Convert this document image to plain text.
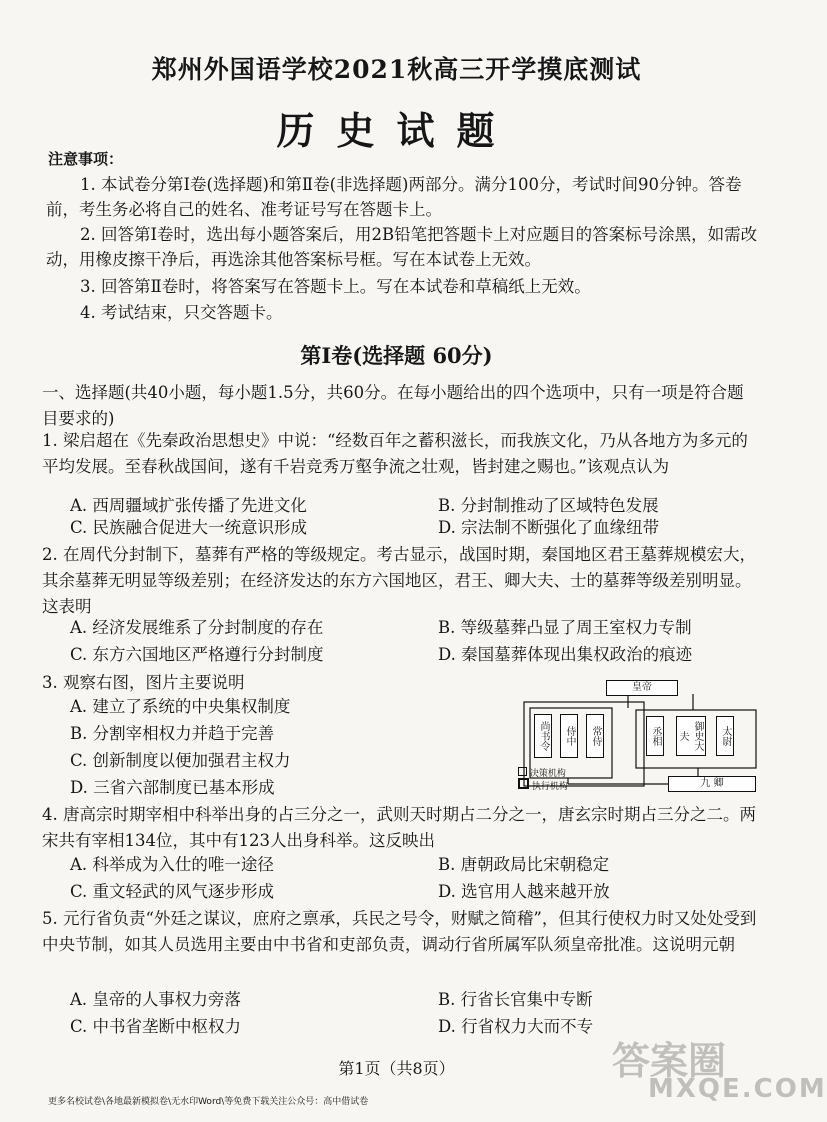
郑州外国语学校2021秋高三开学摸底测试
历史试题
注意事项：
1. 本试卷分第Ⅰ卷(选择题)和第Ⅱ卷(非选择题)两部分。满分100分，考试时间90分钟。答卷前，考生务必将自己的姓名、准考证号写在答题卡上。
2. 回答第Ⅰ卷时，选出每小题答案后，用2B铅笔把答题卡上对应题目的答案标号涂黑，如需改动，用橡皮擦干净后，再选涂其他答案标号框。写在本试卷上无效。
3. 回答第Ⅱ卷时，将答案写在答题卡上。写在本试卷和草稿纸上无效。
4. 考试结束，只交答题卡。
第Ⅰ卷(选择题 60分)
一、选择题(共40小题，每小题1.5分，共60分。在每小题给出的四个选项中，只有一项是符合题目要求的)
1. 梁启超在《先秦政治思想史》中说：“经数百年之蓄积滋长，而我族文化，乃从各地方为多元的平均发展。至春秋战国间，遂有千岩竞秀万壑争流之壮观，皆封建之赐也。”该观点认为
A. 西周疆域扩张传播了先进文化	B. 分封制推动了区域特色发展
C. 民族融合促进大一统意识形成	D. 宗法制不断强化了血缘纽带
2. 在周代分封制下，墓葬有严格的等级规定。考古显示，战国时期，秦国地区君王墓葬规模宏大，其余墓葬无明显等级差别；在经济发达的东方六国地区，君王、卿大夫、士的墓葬等级差别明显。这表明
A. 经济发展维系了分封制度的存在	B. 等级墓葬凸显了周王室权力专制
C. 东方六国地区严格遵行分封制度	D. 秦国墓葬体现出集权政治的痕迹
3. 观察右图，图片主要说明
A. 建立了系统的中央集权制度
B. 分割宰相权力并趋于完善
C. 创新制度以便加强君主权力
D. 三省六部制度已基本形成
皇帝
尚书令	侍中	常侍	丞相	御史大夫	太尉
九 卿
决策机构
执行机构
4. 唐高宗时期宰相中科举出身的占三分之一，武则天时期占二分之一，唐玄宗时期占三分之二。两宋共有宰相134位，其中有123人出身科举。这反映出
A. 科举成为入仕的唯一途径	B. 唐朝政局比宋朝稳定
C. 重文轻武的风气逐步形成	D. 选官用人越来越开放
5. 元行省负责“外廷之谋议，庶府之禀承，兵民之号令，财赋之简稽”，但其行使权力时又处处受到中央节制，如其人员选用主要由中书省和吏部负责，调动行省所属军队须皇帝批准。这说明元朝
A. 皇帝的人事权力旁落	B. 行省长官集中专断
C. 中书省垄断中枢权力	D. 行省权力大而不专
第1页（共8页）
更多名校试卷\各地最新模拟卷\无水印Word\等免费下载关注公众号：高中借试卷
答案圈
MXQE.COM
